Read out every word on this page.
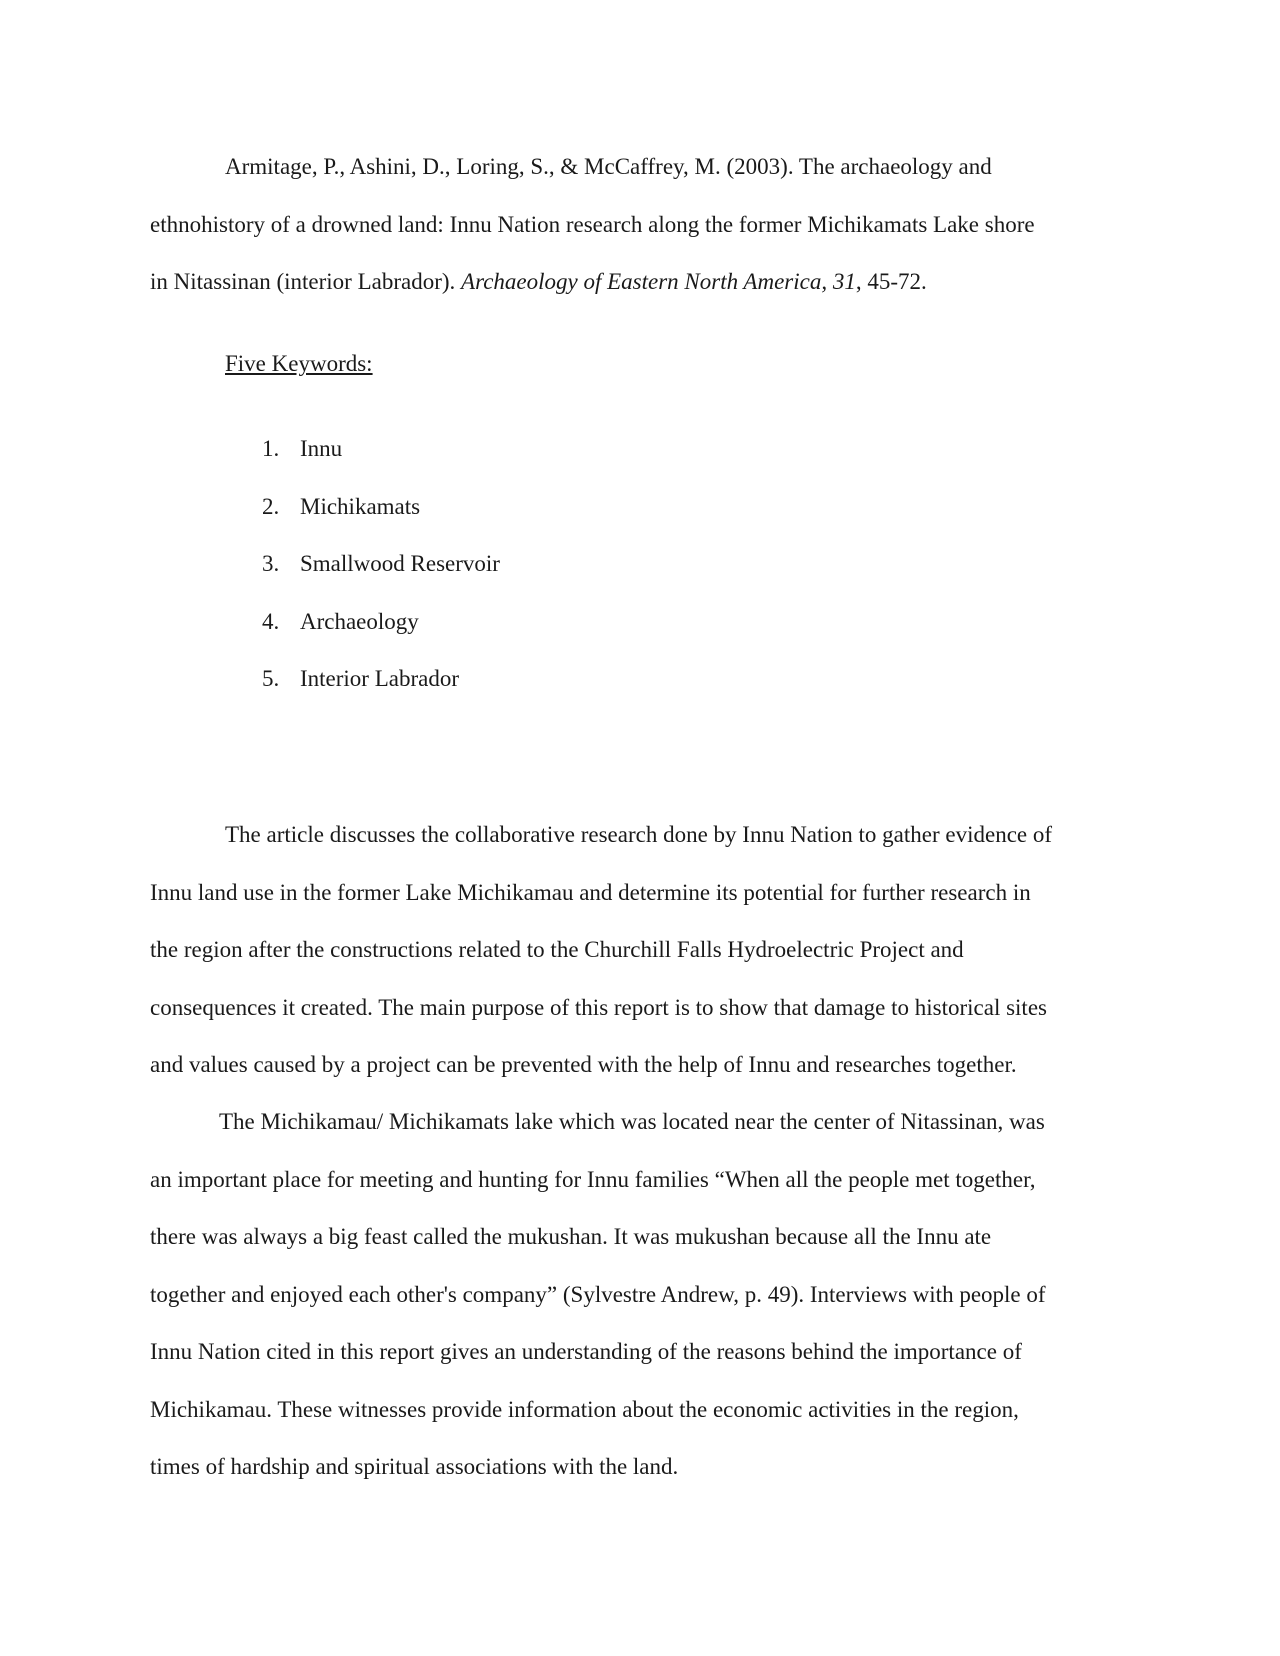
Armitage, P., Ashini, D., Loring, S., & McCaffrey, M. (2003). The archaeology and
ethnohistory of a drowned land: Innu Nation research along the former Michikamats Lake shore
in Nitassinan (interior Labrador). Archaeology of Eastern North America, 31, 45-72.

Five Keywords:

1. Innu
2. Michikamats
3. Smallwood Reservoir
4. Archaeology
5. Interior Labrador

The article discusses the collaborative research done by Innu Nation to gather evidence of
Innu land use in the former Lake Michikamau and determine its potential for further research in
the region after the constructions related to the Churchill Falls Hydroelectric Project and
consequences it created. The main purpose of this report is to show that damage to historical sites
and values caused by a project can be prevented with the help of Innu and researches together.

The Michikamau/ Michikamats lake which was located near the center of Nitassinan, was
an important place for meeting and hunting for Innu families “When all the people met together,
there was always a big feast called the mukushan. It was mukushan because all the Innu ate
together and enjoyed each other's company” (Sylvestre Andrew, p. 49). Interviews with people of
Innu Nation cited in this report gives an understanding of the reasons behind the importance of
Michikamau. These witnesses provide information about the economic activities in the region,
times of hardship and spiritual associations with the land.
